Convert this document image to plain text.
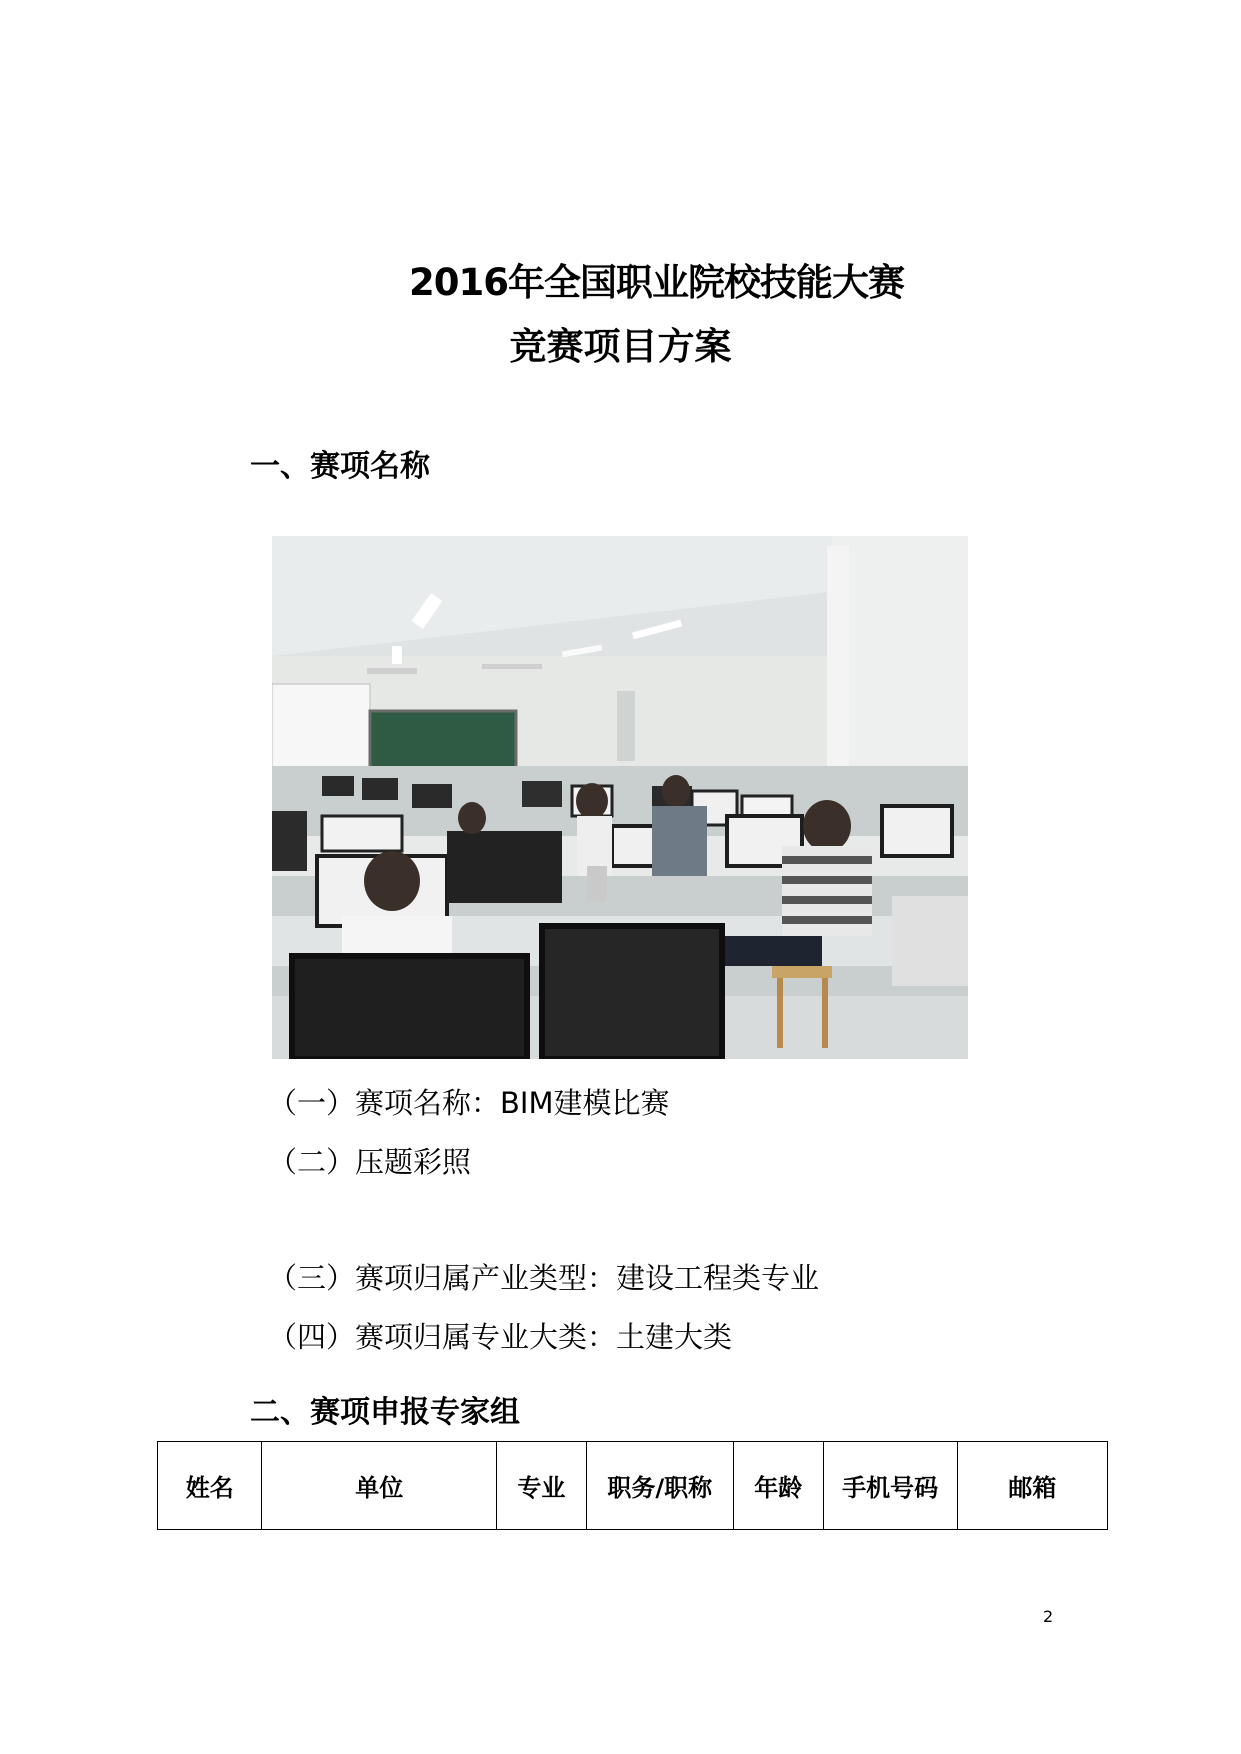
2016年全国职业院校技能大赛
竞赛项目方案
一、赛项名称
（一）赛项名称：BIM建模比赛
（二）压题彩照
（三）赛项归属产业类型：建设工程类专业
（四）赛项归属专业大类：土建大类
二、赛项申报专家组
姓名	单位	专业	职务/职称	年龄	手机号码	邮箱
2
